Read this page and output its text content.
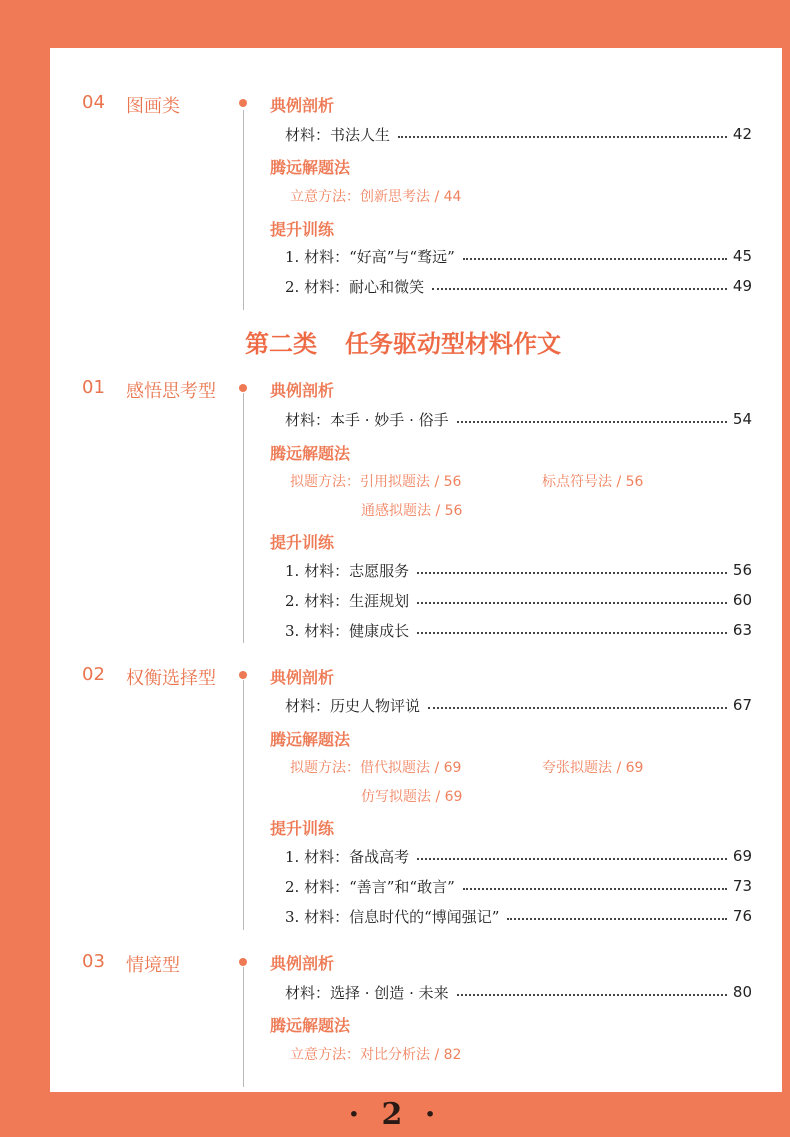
04 图画类	典例剖析
材料：书法人生	42
腾远解题法
立意方法：创新思考法 / 44
提升训练
1. 材料：“好高”与“骛远”	45
2. 材料：耐心和微笑	49
第二类 任务驱动型材料作文
01 感悟思考型	典例剖析
材料：本手 · 妙手 · 俗手	54
腾远解题法
拟题方法：引用拟题法 / 56	标点符号法 / 56
通感拟题法 / 56
提升训练
1. 材料：志愿服务	56
2. 材料：生涯规划	60
3. 材料：健康成长	63
02 权衡选择型	典例剖析
材料：历史人物评说	67
腾远解题法
拟题方法：借代拟题法 / 69	夸张拟题法 / 69
仿写拟题法 / 69
提升训练
1. 材料：备战高考	69
2. 材料：“善言”和“敢言”	73
3. 材料：信息时代的“博闻强记”	76
03 情境型	典例剖析
材料：选择 · 创造 · 未来	80
腾远解题法
立意方法：对比分析法 / 82
· 2 ·
